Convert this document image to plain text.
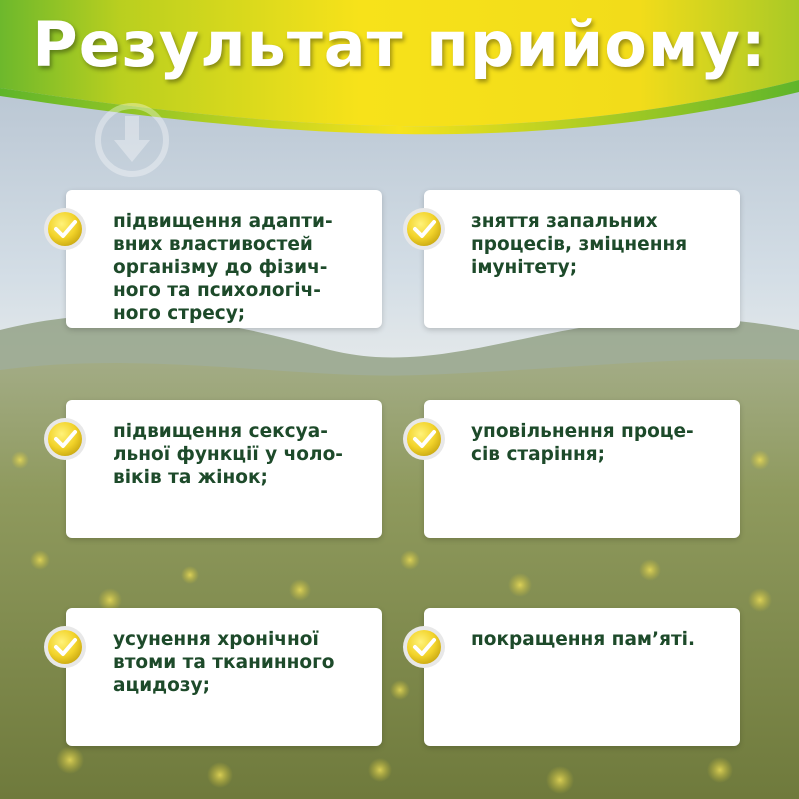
Результат прийому:
підвищення адапти-
вних властивостей
організму до фізич-
ного та психологіч-
ного стресу;
зняття запальних
процесів, зміцнення
імунітету;
підвищення сексуа-
льної функції у чоло-
віків та жінок;
уповільнення проце-
сів старіння;
усунення хронічної
втоми та тканинного
ацидозу;
покращення пам’яті.
